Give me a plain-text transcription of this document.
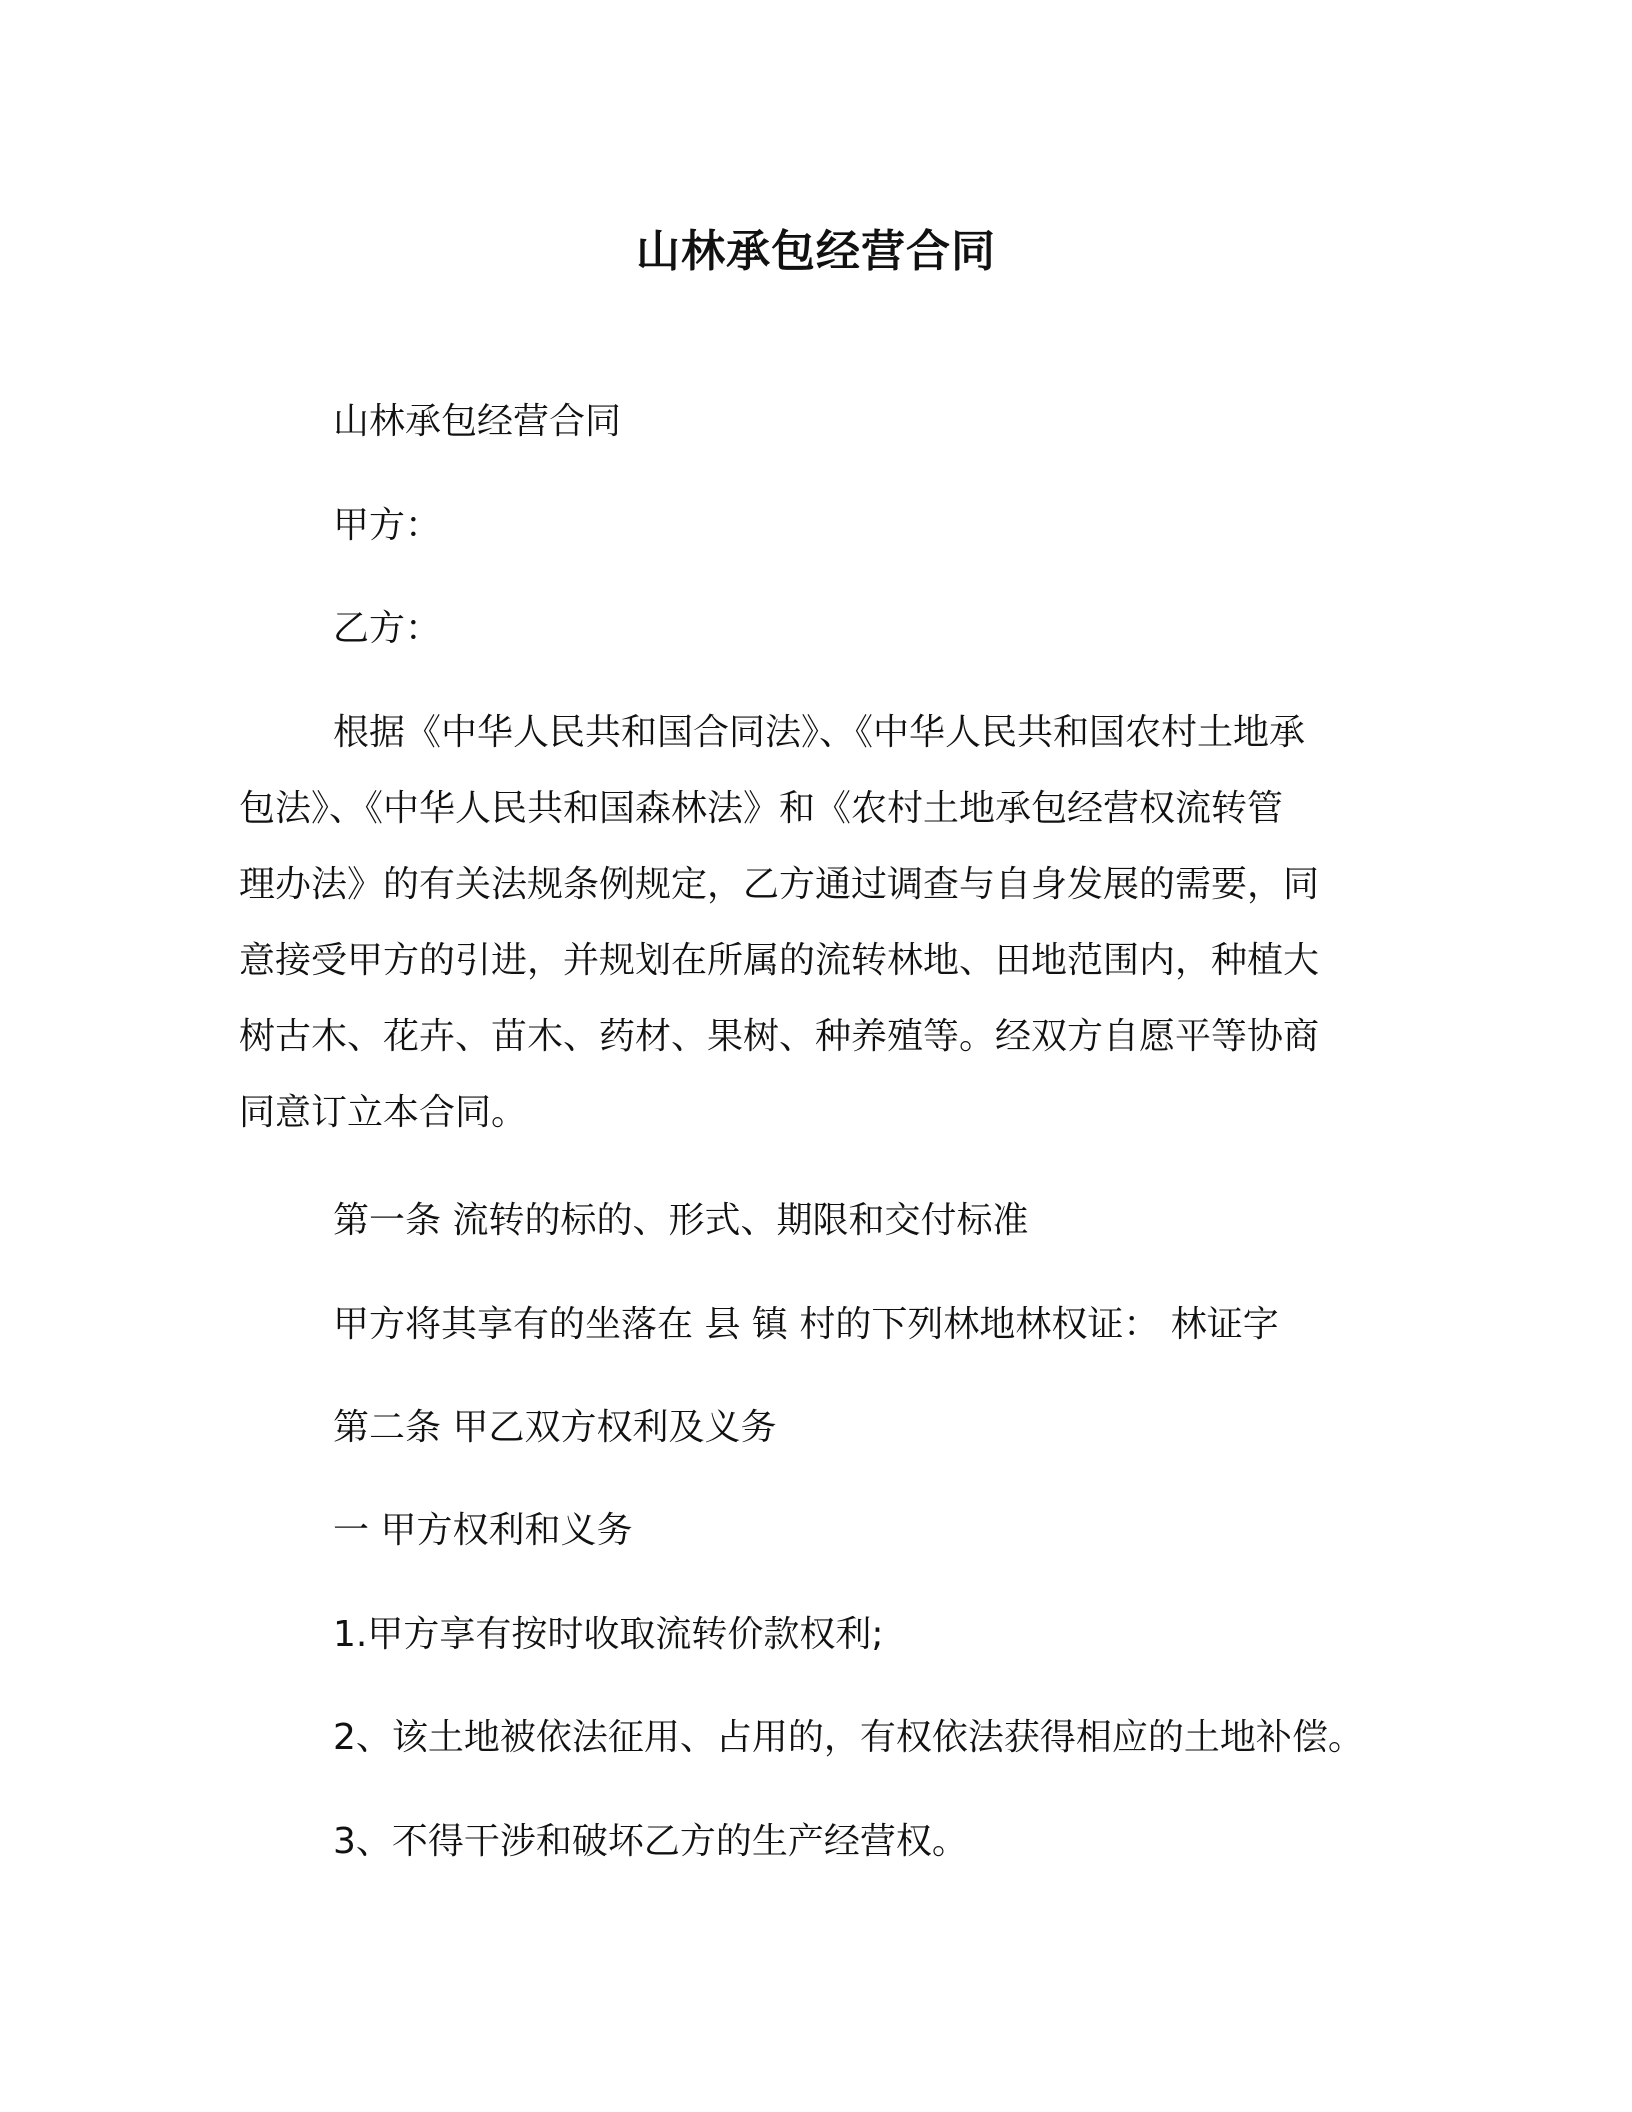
山林承包经营合同
山林承包经营合同
甲方：
乙方：
根据《中华人民共和国合同法》、《中华人民共和国农村土地承
包法》、《中华人民共和国森林法》和《农村土地承包经营权流转管
理办法》的有关法规条例规定，乙方通过调查与自身发展的需要，同
意接受甲方的引进，并规划在所属的流转林地、田地范围内，种植大
树古木、花卉、苗木、药材、果树、种养殖等。经双方自愿平等协商
同意订立本合同。
第一条 流转的标的、形式、期限和交付标准
甲方将其享有的坐落在 县 镇 村的下列林地林权证： 林证字
第二条 甲乙双方权利及义务
一 甲方权利和义务
1.甲方享有按时收取流转价款权利;
2、该土地被依法征用、占用的，有权依法获得相应的土地补偿。
3、不得干涉和破坏乙方的生产经营权。
